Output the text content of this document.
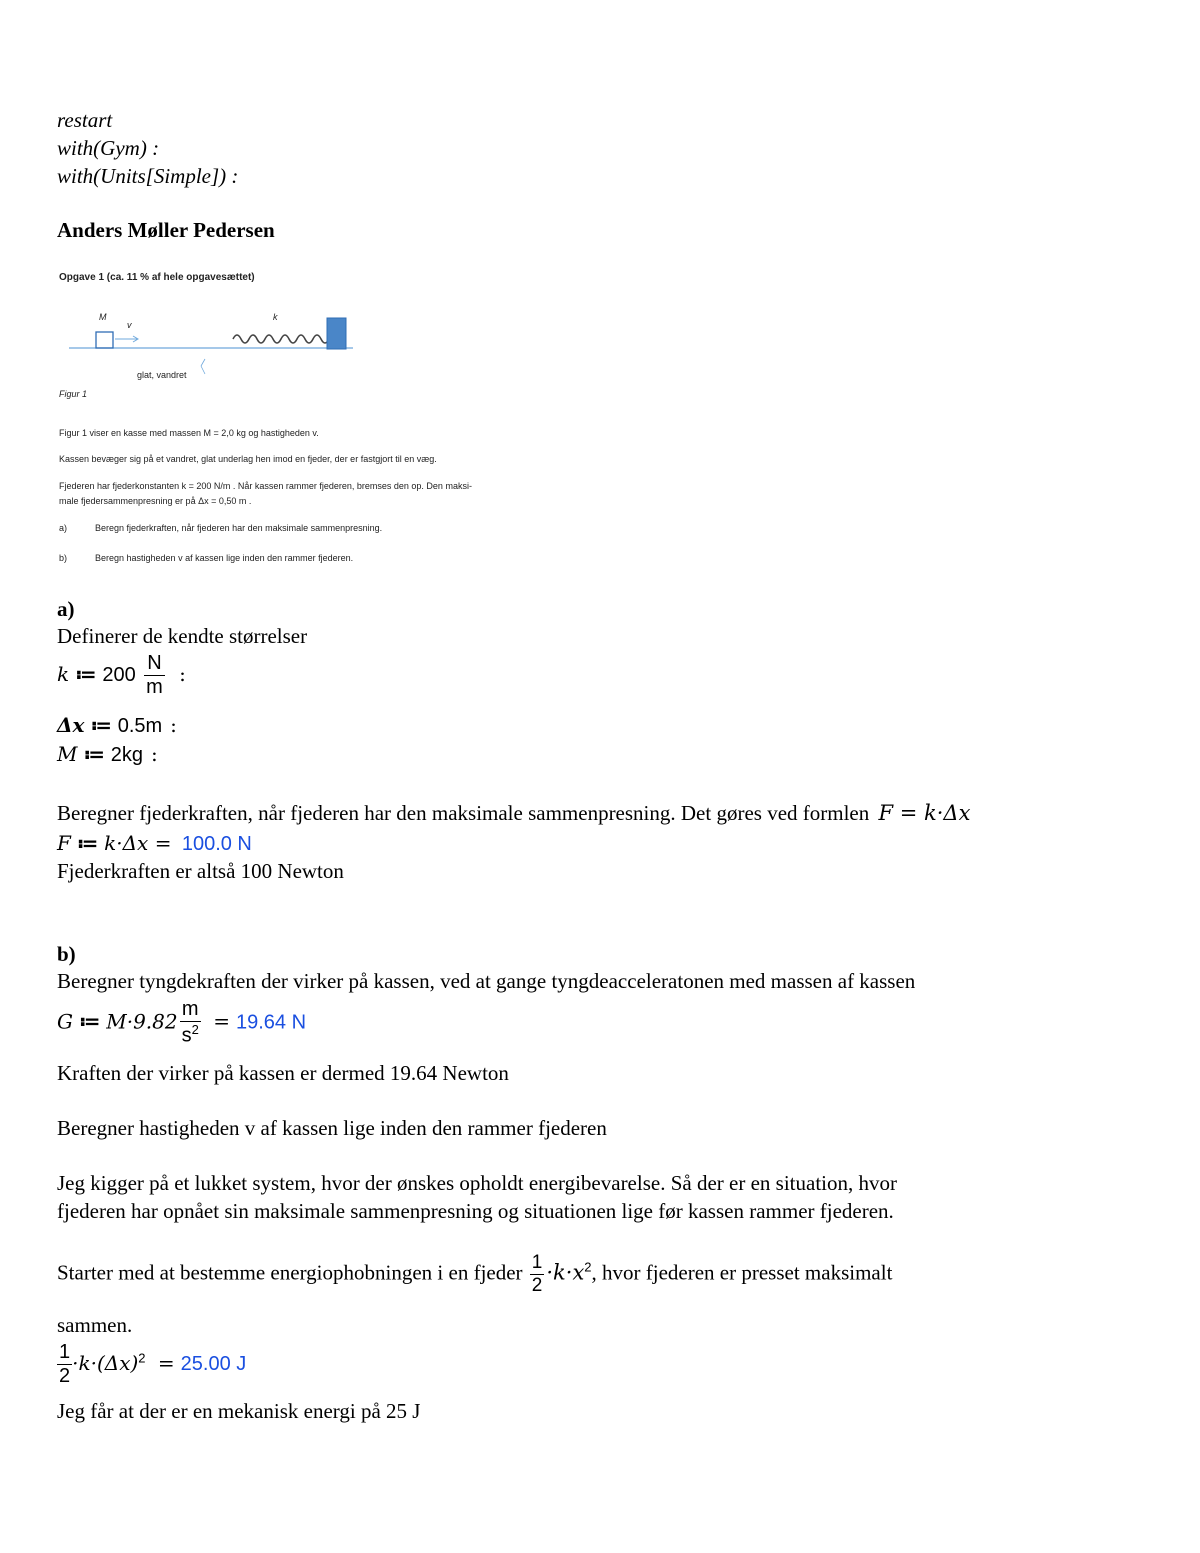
restart
with(Gym) :
with(Units[Simple]) :
Anders Møller Pedersen
Opgave 1 (ca. 11 % af hele opgavesættet)
M
v
k
glat, vandret
Figur 1
Figur 1 viser en kasse med massen M = 2,0 kg og hastigheden v.
Kassen bevæger sig på et vandret, glat underlag hen imod en fjeder, der er fastgjort til en væg.
Fjederen har fjederkonstanten k = 200 N/m . Når kassen rammer fjederen, bremses den op. Den maksi-
male fjedersammenpresning er på Δx = 0,50 m .
a)	Beregn fjederkraften, når fjederen har den maksimale sammenpresning.
b)	Beregn hastigheden v af kassen lige inden den rammer fjederen.
a)
Definerer de kendte størrelser
k ≔ $200 \frac{N}{m}$ :
Δx ≔ 0.5m :
M ≔ 2kg :
Beregner fjederkraften, når fjederen har den maksimale sammenpresning. Det gøres ved formlen F = k·Δx
F ≔ k·Δx = 100.0 N
Fjederkraften er altså 100 Newton
b)
Beregner tyngdekraften der virker på kassen, ved at gange tyngdeacceleratonen med massen af kassen
G ≔ $M\cdot 9.82 \frac{m}{s^2} = 19.64$ N
Kraften der virker på kassen er dermed 19.64 Newton
Beregner hastigheden v af kassen lige inden den rammer fjederen
Jeg kigger på et lukket system, hvor der ønskes opholdt energibevarelse. Så der er en situation, hvor
fjederen har opnået sin maksimale sammenpresning og situationen lige før kassen rammer fjederen.
Starter med at bestemme energiophobningen i en fjeder $\frac{1}{2} \cdot k\cdot x^2$, hvor fjederen er presset maksimalt
sammen.
$\frac{1}{2} \cdot k\cdot(\Delta x)^2 = 25.00$ J
Jeg får at der er en mekanisk energi på 25 J
